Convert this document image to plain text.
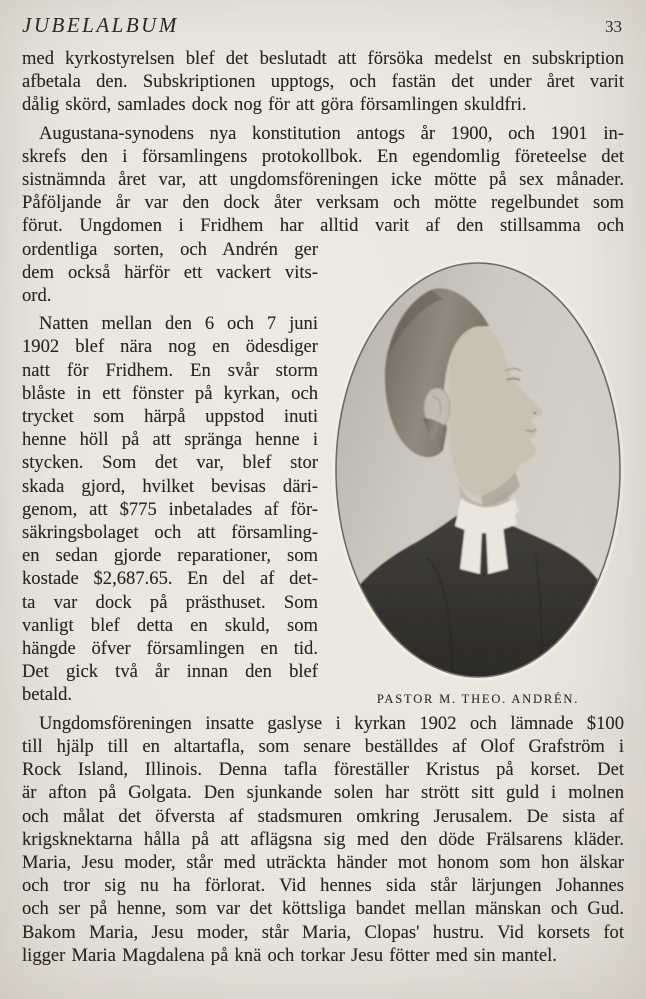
JUBELALBUM	33
med kyrkostyrelsen blef det beslutadt att försöka medelst en subskription
afbetala den. Subskriptionen upptogs, och fastän det under året varit
dålig skörd, samlades dock nog för att göra församlingen skuldfri.
Augustana-synodens nya konstitution antogs år 1900, och 1901 in-
skrefs den i församlingens protokollbok. En egendomlig företeelse det
sistnämnda året var, att ungdomsföreningen icke mötte på sex månader.
Påföljande år var den dock åter verksam och mötte regelbundet som
förut. Ungdomen i Fridhem har alltid varit af den stillsamma och
ordentliga sorten, och Andrén ger
dem också härför ett vackert vits-
ord.
Natten mellan den 6 och 7 juni
1902 blef nära nog en ödesdiger
natt för Fridhem. En svår storm
blåste in ett fönster på kyrkan, och
trycket som härpå uppstod inuti
henne höll på att spränga henne i
stycken. Som det var, blef stor
skada gjord, hvilket bevisas däri-
genom, att $775 inbetalades af för-
säkringsbolaget och att församling-
en sedan gjorde reparationer, som
kostade $2,687.65. En del af det-
ta var dock på prästhuset. Som
vanligt blef detta en skuld, som
hängde öfver församlingen en tid.
Det gick två år innan den blef
betald.
Ungdomsföreningen insatte gaslyse i kyrkan 1902 och lämnade $100
till hjälp till en altartafla, som senare beställdes af Olof Grafström i
Rock Island, Illinois. Denna tafla föreställer Kristus på korset. Det
är afton på Golgata. Den sjunkande solen har strött sitt guld i molnen
och målat det öfversta af stadsmuren omkring Jerusalem. De sista af
krigsknektarna hålla på att aflägsna sig med den döde Frälsarens kläder.
Maria, Jesu moder, står med uträckta händer mot honom som hon älskar
och tror sig nu ha förlorat. Vid hennes sida står lärjungen Johannes
och ser på henne, som var det köttsliga bandet mellan mänskan och Gud.
Bakom Maria, Jesu moder, står Maria, Clopas' hustru. Vid korsets fot
ligger Maria Magdalena på knä och torkar Jesu fötter med sin mantel.
PASTOR M. THEO. ANDRÉN.
